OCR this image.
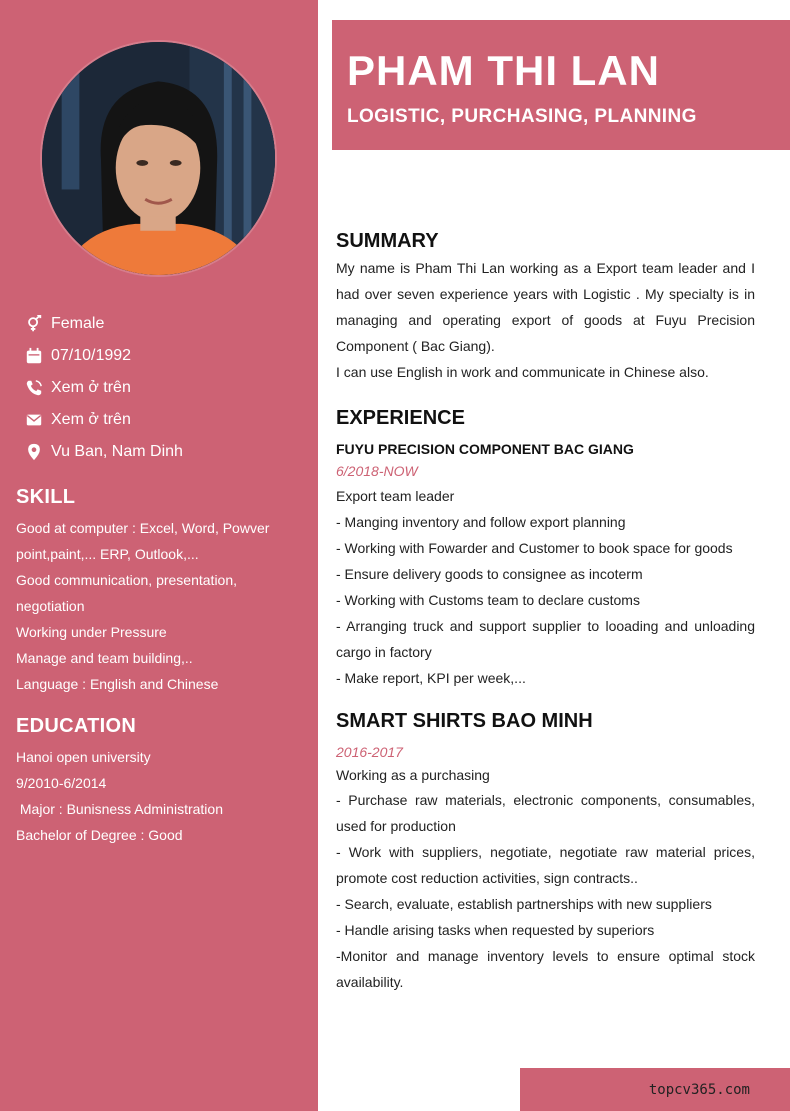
Female
07/10/1992
Xem ở trên
Xem ở trên
Vu Ban, Nam Dinh
SKILL
Good at computer : Excel, Word, Powver point,paint,... ERP, Outlook,...
Good communication, presentation, negotiation
Working under Pressure
Manage and team building,..
Language : English and Chinese
EDUCATION
Hanoi open university
9/2010-6/2014
Major : Bunisness Administration
Bachelor of Degree : Good
PHAM THI LAN
LOGISTIC, PURCHASING, PLANNING
SUMMARY
My name is Pham Thi Lan working as a Export team leader and I had over seven experience years with Logistic . My specialty is in managing and operating export of goods at Fuyu Precision Component ( Bac Giang).
I can use English in work and communicate in Chinese also.
EXPERIENCE
FUYU PRECISION COMPONENT BAC GIANG
6/2018-NOW
Export team leader
- Manging inventory and follow export planning
- Working with Fowarder and Customer to book space for goods
- Ensure delivery goods to consignee as incoterm
- Working with Customs team to declare customs
- Arranging truck and support supplier to looading and unloading cargo in factory
- Make report, KPI per week,...
SMART SHIRTS BAO MINH
2016-2017
Working as a purchasing
- Purchase raw materials, electronic components, consumables, used for production
- Work with suppliers, negotiate, negotiate raw material prices, promote cost reduction activities, sign contracts..
- Search, evaluate, establish partnerships with new suppliers
- Handle arising tasks when requested by superiors
-Monitor and manage inventory levels to ensure optimal stock availability.
topcv365.com
